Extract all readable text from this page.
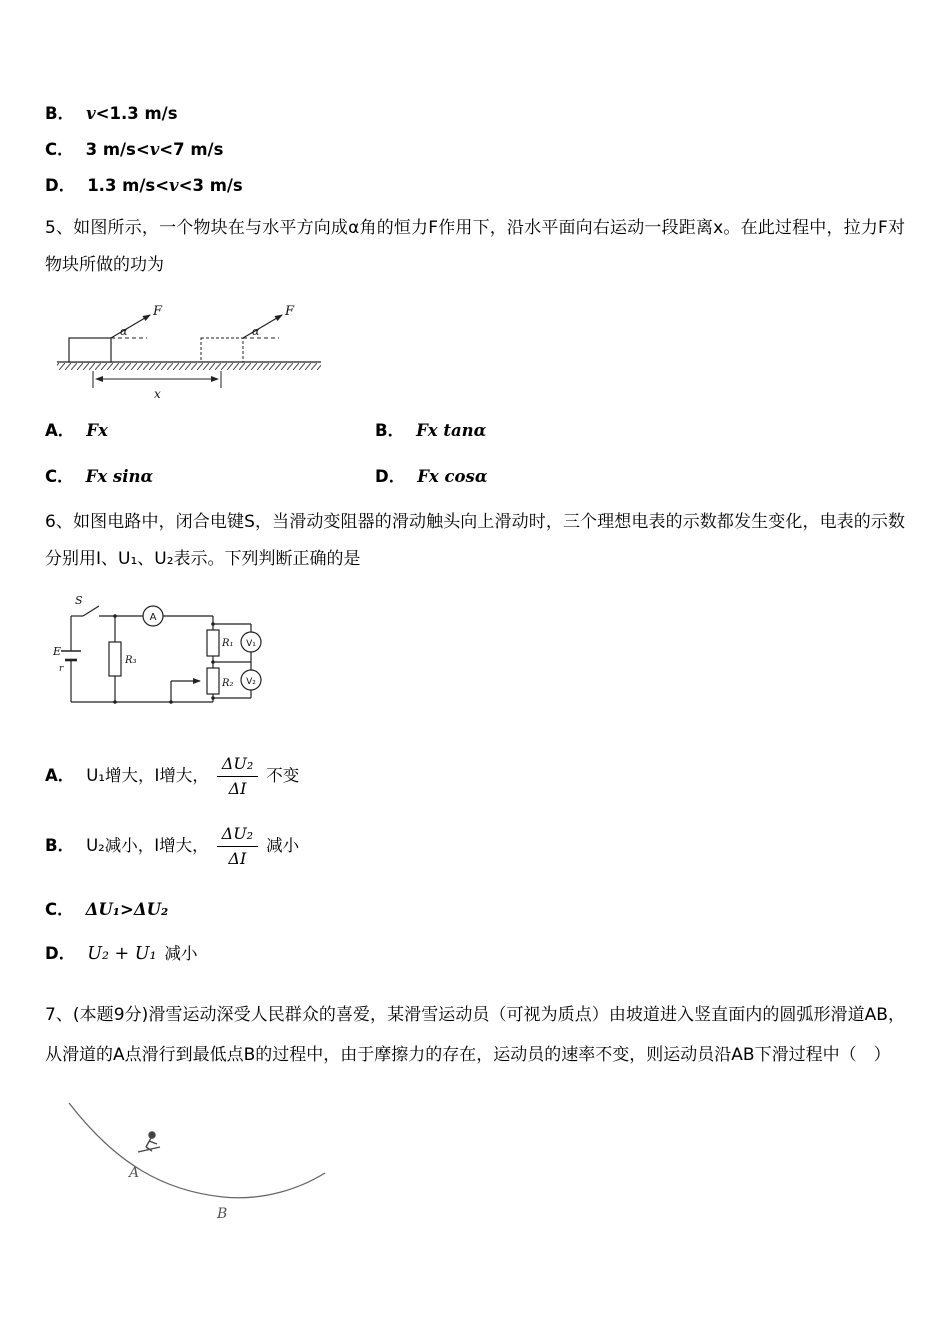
B． v<1.3 m/s
C． 3 m/s<v<7 m/s
D． 1.3 m/s<v<3 m/s

5、如图所示，一个物块在与水平方向成α角的恒力F作用下，沿水平面向右运动一段距离x。在此过程中，拉力F对物块所做的功为

F
α
F
α
x
A． Fx	B． Fx tanα
C． Fx sinα	D． Fx cosα

6、如图电路中，闭合电键S，当滑动变阻器的滑动触头向上滑动时，三个理想电表的示数都发生变化，电表的示数分别用I、U₁、U₂表示。下列判断正确的是

S
E
r
A
R₃
R₁
R₂
V₁
V₂
A． U₁增大，I增大， $\frac{\text{ΔU₂}}{\Delta I}$ 不变
B． U₂减小，I增大， $\frac{\text{ΔU₂}}{\Delta I}$ 减小
C． ΔU₁>ΔU₂
D． U₂ + U₁ 减小

7、(本题9分)滑雪运动深受人民群众的喜爱，某滑雪运动员（可视为质点）由坡道进入竖直面内的圆弧形滑道AB，从滑道的A点滑行到最低点B的过程中，由于摩擦力的存在，运动员的速率不变，则运动员沿AB下滑过程中（　）

A
B
